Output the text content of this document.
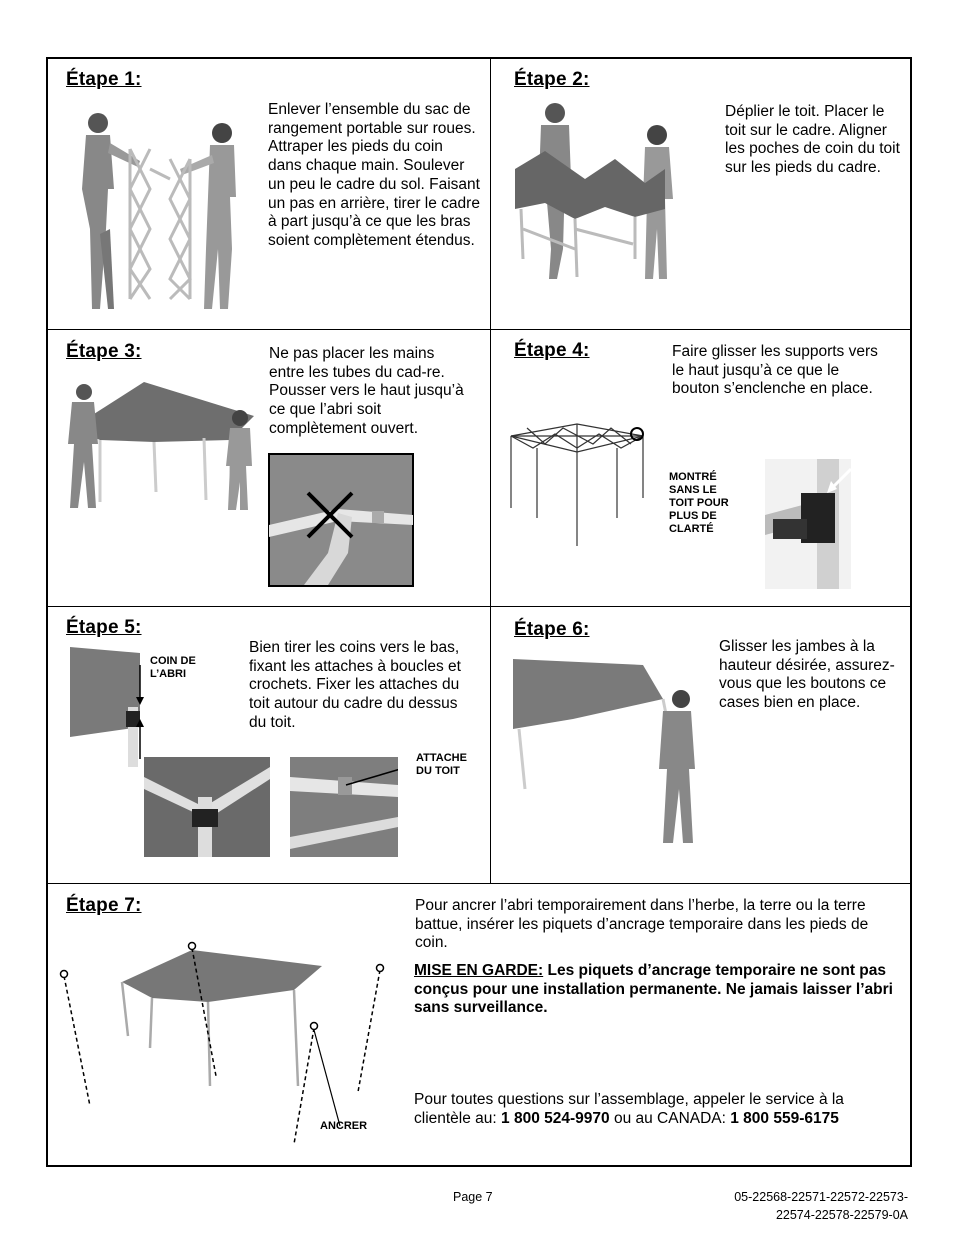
Étape 1:
Enlever l’ensemble du sac de rangement portable sur roues. Attraper les pieds du coin dans chaque main. Soulever un peu le cadre du sol. Faisant un pas en arrière, tirer le cadre à part jusqu’à ce que les bras soient complètement étendus.
Étape 2:
Déplier le toit. Placer le toit sur le cadre. Aligner les poches de coin du toit sur les pieds du cadre.
Étape 3:	Ne pas placer les mains entre les tubes du cad-re. Pousser vers le haut jusqu’à ce que l’abri soit complètement ouvert.
Étape 4:	Faire glisser les supports vers le haut jusqu’à ce que le bouton s’enclenche en place.
MONTRÉ SANS LE TOIT POUR PLUS DE CLARTÉ
Étape 5:
COIN DE L’ABRI
Bien tirer les coins vers le bas, fixant les attaches à boucles et crochets. Fixer les attaches du toit autour du cadre du dessus du toit.
ATTACHE DU TOIT
Étape 6:
Glisser les jambes à la hauteur désirée, assurez-vous que les boutons ce cases bien en place.
Étape 7:
ANCRER
Pour ancrer l’abri temporairement dans l’herbe, la terre ou la terre battue, insérer les piquets d’ancrage temporaire dans les pieds de coin.
MISE EN GARDE: Les piquets d’ancrage temporaire ne sont pas conçus pour une installation permanente. Ne jamais laisser l’abri sans surveillance.
Pour toutes questions sur l’assemblage, appeler le service à la clientèle au: 1 800 524-9970 ou au CANADA: 1 800 559-6175
Page 7	05-22568-22571-22572-22573-
22574-22578-22579-0A
